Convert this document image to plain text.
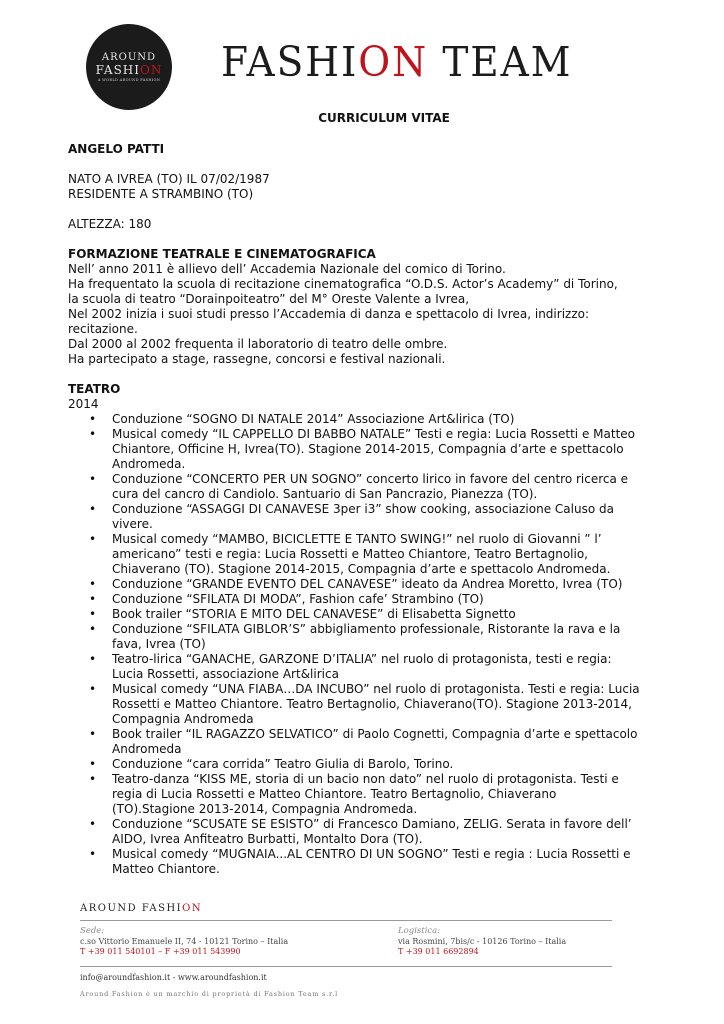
AROUND
FASHION
A WORLD AROUND FASHION FASHION TEAM
CURRICULUM VITAE
ANGELO PATTI
NATO A IVREA (TO) IL 07/02/1987
RESIDENTE A STRAMBINO (TO)
ALTEZZA: 180
FORMAZIONE TEATRALE E CINEMATOGRAFICA
Nell’ anno 2011 è allievo dell’ Accademia Nazionale del comico di Torino.
Ha frequentato la scuola di recitazione cinematografica “O.D.S. Actor’s Academy” di Torino,
la scuola di teatro “Dorainpoiteatro” del M° Oreste Valente a Ivrea,
Nel 2002 inizia i suoi studi presso l’Accademia di danza e spettacolo di Ivrea, indirizzo:
recitazione.
Dal 2000 al 2002 frequenta il laboratorio di teatro delle ombre.
Ha partecipato a stage, rassegne, concorsi e festival nazionali.
TEATRO
2014
• Conduzione “SOGNO DI NATALE 2014” Associazione Art&lirica (TO)
• Musical comedy “IL CAPPELLO DI BABBO NATALE” Testi e regia: Lucia Rossetti e Matteo
Chiantore, Officine H, Ivrea(TO). Stagione 2014-2015, Compagnia d’arte e spettacolo
Andromeda.
• Conduzione “CONCERTO PER UN SOGNO” concerto lirico in favore del centro ricerca e
cura del cancro di Candiolo. Santuario di San Pancrazio, Pianezza (TO).
• Conduzione “ASSAGGI DI CANAVESE 3per i3” show cooking, associazione Caluso da
vivere.
• Musical comedy “MAMBO, BICICLETTE E TANTO SWING!” nel ruolo di Giovanni ” l’
americano” testi e regia: Lucia Rossetti e Matteo Chiantore, Teatro Bertagnolio,
Chiaverano (TO). Stagione 2014-2015, Compagnia d’arte e spettacolo Andromeda.
• Conduzione “GRANDE EVENTO DEL CANAVESE” ideato da Andrea Moretto, Ivrea (TO)
• Conduzione “SFILATA DI MODA”, Fashion cafe’ Strambino (TO)
• Book trailer “STORIA E MITO DEL CANAVESE” di Elisabetta Signetto
• Conduzione “SFILATA GIBLOR’S” abbigliamento professionale, Ristorante la rava e la
fava, Ivrea (TO)
• Teatro-lirica “GANACHE, GARZONE D’ITALIA” nel ruolo di protagonista, testi e regia:
Lucia Rossetti, associazione Art&lirica
• Musical comedy “UNA FIABA…DA INCUBO” nel ruolo di protagonista. Testi e regia: Lucia
Rossetti e Matteo Chiantore. Teatro Bertagnolio, Chiaverano(TO). Stagione 2013-2014,
Compagnia Andromeda
• Book trailer “IL RAGAZZO SELVATICO” di Paolo Cognetti, Compagnia d’arte e spettacolo
Andromeda
• Conduzione “cara corrida” Teatro Giulia di Barolo, Torino.
• Teatro-danza “KISS ME, storia di un bacio non dato” nel ruolo di protagonista. Testi e
regia di Lucia Rossetti e Matteo Chiantore. Teatro Bertagnolio, Chiaverano
(TO).Stagione 2013-2014, Compagnia Andromeda.
• Conduzione “SCUSATE SE ESISTO” di Francesco Damiano, ZELIG. Serata in favore dell’
AIDO, Ivrea Anfiteatro Burbatti, Montalto Dora (TO).
• Musical comedy “MUGNAIA...AL CENTRO DI UN SOGNO” Testi e regia : Lucia Rossetti e
Matteo Chiantore.
AROUND FASHION
Sede:
c.so Vittorio Emanuele II, 74 - 10121 Torino – Italia
T +39 011 540101 – F +39 011 543990
Logistica:
via Rosmini, 7bis/c - 10126 Torino – Italia
T +39 011 6692894
info@aroundfashion.it - www.aroundfashion.it
Around Fashion è un marchio di proprietà di Fashion Team s.r.l
